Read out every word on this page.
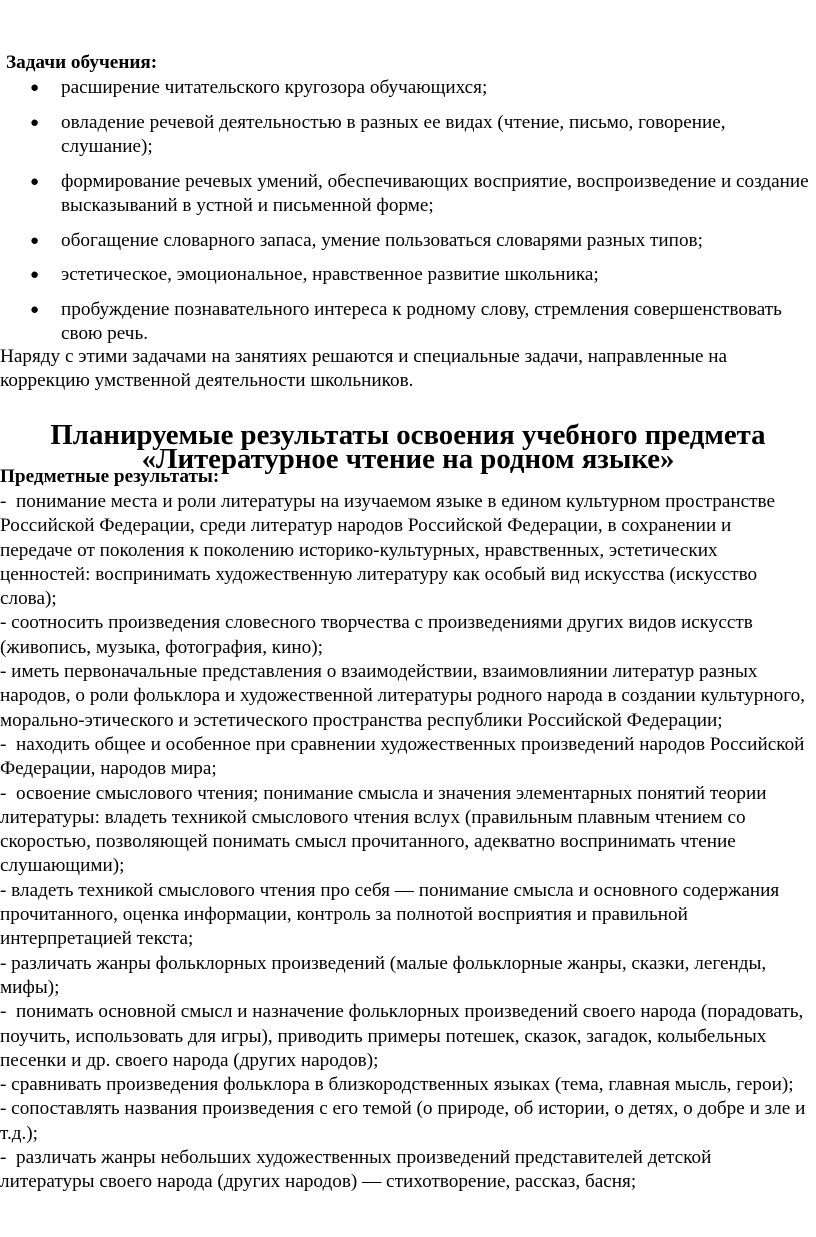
Задачи обучения:

● расширение читательского кругозора обучающихся;
● овладение речевой деятельностью в разных ее видах (чтение, письмо, говорение, слушание);
● формирование речевых умений, обеспечивающих восприятие, воспроизведение и создание высказываний в устной и письменной форме;
● обогащение словарного запаса, умение пользоваться словарями разных типов;
● эстетическое, эмоциональное, нравственное развитие школьника;
● пробуждение познавательного интереса к родному слову, стремления совершенствовать свою речь.

Наряду с этими задачами на занятиях решаются и специальные задачи, направленные на коррекцию умственной деятельности школьников.

Планируемые результаты освоения учебного предмета
«Литературное чтение на родном языке»

Предметные результаты:

-  понимание места и роли литературы на изучаемом языке в едином культурном пространстве Российской Федерации, среди литератур народов Российской Федерации, в сохранении и передаче от поколения к поколению историко-культурных, нравственных, эстетических ценностей: воспринимать художественную литературу как особый вид искусства (искусство слова);
- соотносить произведения словесного творчества с произведениями других видов искусств (живопись, музыка, фотография, кино);
- иметь первоначальные представления о взаимодействии, взаимовлиянии литератур разных народов, о роли фольклора и художественной литературы родного народа в создании культурного, морально-этического и эстетического пространства республики Российской Федерации;
-  находить общее и особенное при сравнении художественных произведений народов Российской Федерации, народов мира;
-  освоение смыслового чтения; понимание смысла и значения элементарных понятий теории литературы: владеть техникой смыслового чтения вслух (правильным плавным чтением со скоростью, позволяющей понимать смысл прочитанного, адекватно воспринимать чтение слушающими);
- владеть техникой смыслового чтения про себя — понимание смысла и основного содержания прочитанного, оценка информации, контроль за полнотой восприятия и правильной интерпретацией текста;
- различать жанры фольклорных произведений (малые фольклорные жанры, сказки, легенды, мифы);
-  понимать основной смысл и назначение фольклорных произведений своего народа (порадовать, поучить, использовать для игры), приводить примеры потешек, сказок, загадок, колыбельных песенки и др. своего народа (других народов);
- сравнивать произведения фольклора в близкородственных языках (тема, главная мысль, герои);
- сопоставлять названия произведения с его темой (о природе, об истории, о детях, о добре и зле и т.д.);
-  различать жанры небольших художественных произведений представителей детской литературы своего народа (других народов) — стихотворение, рассказ, басня;
